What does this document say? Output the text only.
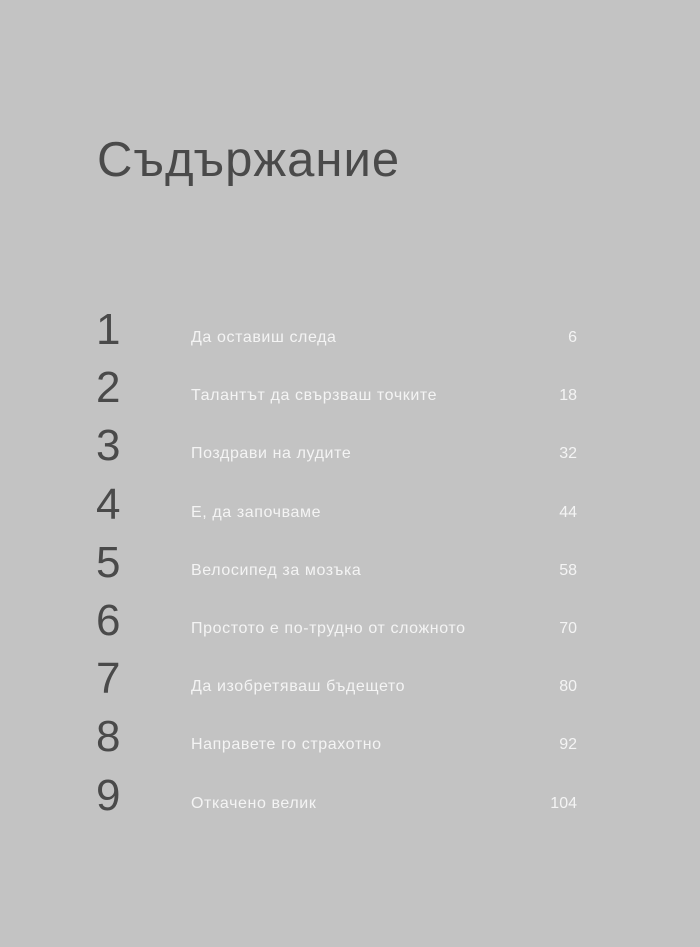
Съдържание
1	Да оставиш следа	6
2	Талантът да свързваш точките	18
3	Поздрави на лудите	32
4	Е, да започваме	44
5	Велосипед за мозъка	58
6	Простото е по-трудно от сложното	70
7	Да изобретяваш бъдещето	80
8	Направете го страхотно	92
9	Откачено велик	104
